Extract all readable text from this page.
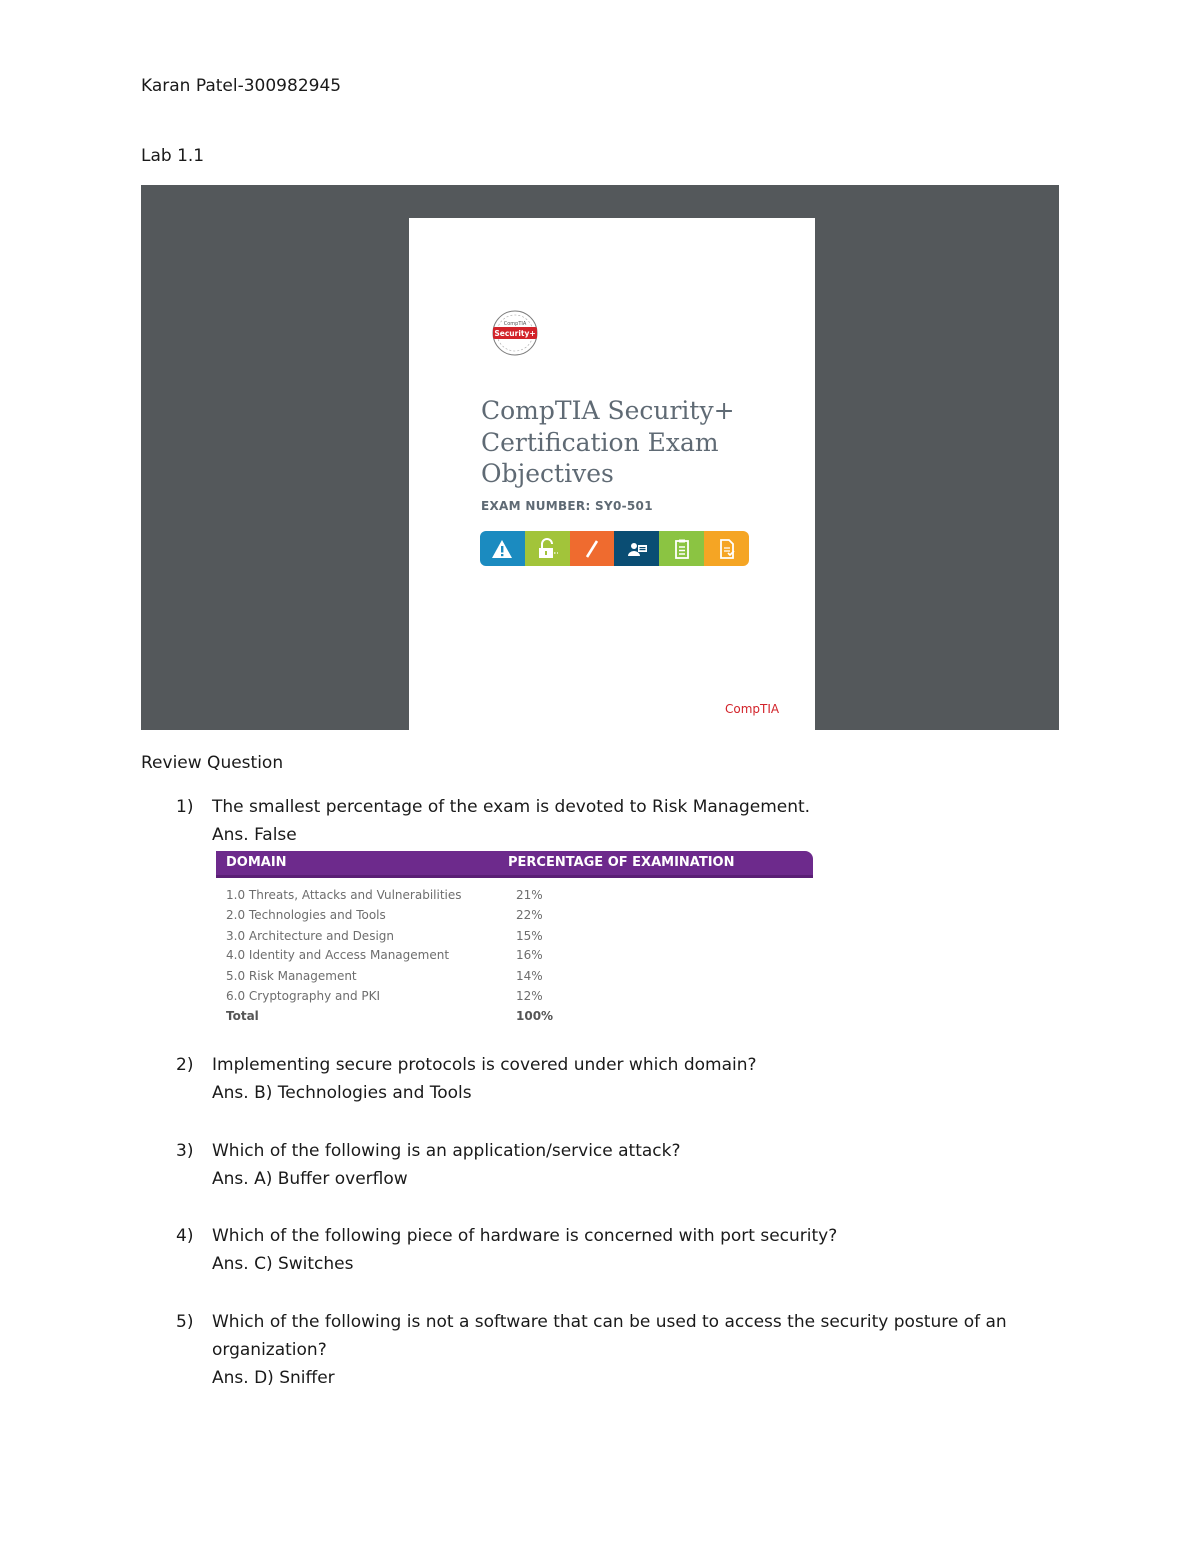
Karan Patel-300982945
Lab 1.1
CompTIA
Security+
CompTIA Security+
Certification Exam
Objectives
EXAM NUMBER: SY0-501
CompTIA
Review Question
1) The smallest percentage of the exam is devoted to Risk Management.
Ans. False
DOMAIN	PERCENTAGE OF EXAMINATION
1.0 Threats, Attacks and Vulnerabilities	21%
2.0 Technologies and Tools	22%
3.0 Architecture and Design	15%
4.0 Identity and Access Management	16%
5.0 Risk Management	14%
6.0 Cryptography and PKI	12%
Total	100%
2) Implementing secure protocols is covered under which domain?
Ans. B) Technologies and Tools
3) Which of the following is an application/service attack?
Ans. A) Buffer overflow
4) Which of the following piece of hardware is concerned with port security?
Ans. C) Switches
5) Which of the following is not a software that can be used to access the security posture of an
organization?
Ans. D) Sniffer
